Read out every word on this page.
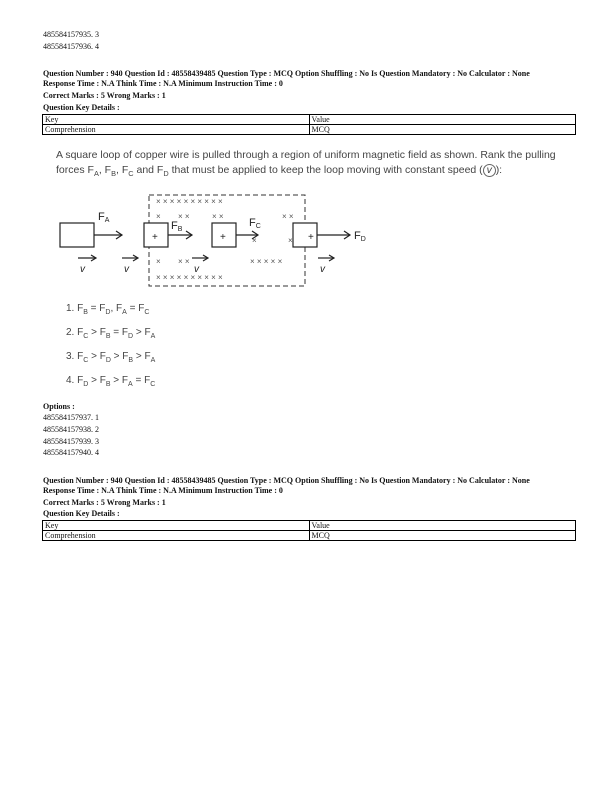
485584157935. 3
485584157936. 4
Question Number : 940 Question Id : 48558439485 Question Type : MCQ Option Shuffling : No Is Question Mandatory : No Calculator : None
Response Time : N.A Think Time : N.A Minimum Instruction Time : 0
Correct Marks : 5 Wrong Marks : 1
Question Key Details :
Key	Value
Comprehension	MCQ
A square loop of copper wire is pulled through a region of uniform magnetic field as shown. Rank the pulling
forces $F_A$, $F_B$, $F_C$ and $F_D$ that must be applied to keep the loop moving with constant speed ( v ):
× × × × × × × × × ×
×
×
× × × × × × × × × ×
× ×	× ×	× ×
× ×	× × × × ×
×	×
FA	FB
FC
FD
v	v	v	v
+	+	+
1. $F_B = F_D$, $F_A = F_C$
2. $F_C > F_B = F_D > F_A$
3. $F_C > F_D > F_B > F_A$
4. $F_D > F_B > F_A = F_C$
Options :
485584157937. 1
485584157938. 2
485584157939. 3
485584157940. 4
Question Number : 940 Question Id : 48558439485 Question Type : MCQ Option Shuffling : No Is Question Mandatory : No Calculator : None
Response Time : N.A Think Time : N.A Minimum Instruction Time : 0
Correct Marks : 5 Wrong Marks : 1
Question Key Details :
Key	Value
Comprehension	MCQ
